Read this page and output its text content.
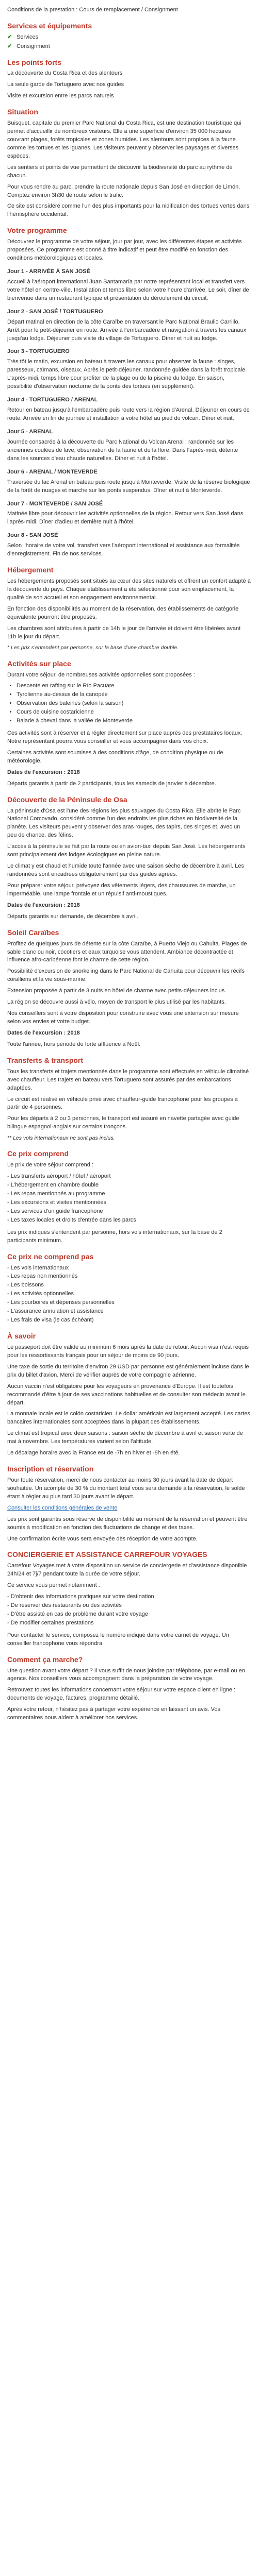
Conditions de la prestation : Cours de remplacement / Consignment

Services et équipements
✔ Services
✔ Consignment
Les points forts

La découverte du Costa Rica et des alentours

La seule garde de Tortuguero avec nos guides

Visite et excursion entre les parcs naturels

Situation

Buisquet, capitale du premier Parc National du Costa Rica, est une destination touristique qui permet d'accueillir de nombreux visiteurs. Elle a une superficie d'environ 35 000 hectares couvrant plages, forêts tropicales et zones humides. Les alentours sont propices à la faune comme les tortues et les iguanes. Les visiteurs peuvent y observer les paysages et diverses espèces.

Les sentiers et points de vue permettent de découvrir la biodiversité du parc au rythme de chacun.

Pour vous rendre au parc, prendre la route nationale depuis San José en direction de Limón. Comptez environ 3h30 de route selon le trafic.

Ce site est considéré comme l'un des plus importants pour la nidification des tortues vertes dans l'hémisphère occidental.

Votre programme

Découvrez le programme de votre séjour, jour par jour, avec les différentes étapes et activités proposées. Ce programme est donné à titre indicatif et peut être modifié en fonction des conditions météorologiques et locales.

Jour 1 - ARRIVÉE À SAN JOSÉ

Accueil à l'aéroport international Juan Santamaría par notre représentant local et transfert vers votre hôtel en centre-ville. Installation et temps libre selon votre heure d'arrivée. Le soir, dîner de bienvenue dans un restaurant typique et présentation du déroulement du circuit.

Jour 2 - SAN JOSÉ / TORTUGUERO

Départ matinal en direction de la côte Caraïbe en traversant le Parc National Braulio Carrillo. Arrêt pour le petit-déjeuner en route. Arrivée à l'embarcadère et navigation à travers les canaux jusqu'au lodge. Déjeuner puis visite du village de Tortuguero. Dîner et nuit au lodge.

Jour 3 - TORTUGUERO

Très tôt le matin, excursion en bateau à travers les canaux pour observer la faune : singes, paresseux, caïmans, oiseaux. Après le petit-déjeuner, randonnée guidée dans la forêt tropicale. L'après-midi, temps libre pour profiter de la plage ou de la piscine du lodge. En saison, possibilité d'observation nocturne de la ponte des tortues (en supplément).

Jour 4 - TORTUGUERO / ARENAL

Retour en bateau jusqu'à l'embarcadère puis route vers la région d'Arenal. Déjeuner en cours de route. Arrivée en fin de journée et installation à votre hôtel au pied du volcan. Dîner et nuit.

Jour 5 - ARENAL

Journée consacrée à la découverte du Parc National du Volcan Arenal : randonnée sur les anciennes coulées de lave, observation de la faune et de la flore. Dans l'après-midi, détente dans les sources d'eau chaude naturelles. Dîner et nuit à l'hôtel.

Jour 6 - ARENAL / MONTEVERDE

Traversée du lac Arenal en bateau puis route jusqu'à Monteverde. Visite de la réserve biologique de la forêt de nuages et marche sur les ponts suspendus. Dîner et nuit à Monteverde.

Jour 7 - MONTEVERDE / SAN JOSÉ

Matinée libre pour découvrir les activités optionnelles de la région. Retour vers San José dans l'après-midi. Dîner d'adieu et dernière nuit à l'hôtel.

Jour 8 - SAN JOSÉ

Selon l'horaire de votre vol, transfert vers l'aéroport international et assistance aux formalités d'enregistrement. Fin de nos services.

Hébergement

Les hébergements proposés sont situés au cœur des sites naturels et offrent un confort adapté à la découverte du pays. Chaque établissement a été sélectionné pour son emplacement, la qualité de son accueil et son engagement environnemental.

En fonction des disponibilités au moment de la réservation, des établissements de catégorie équivalente pourront être proposés.

Les chambres sont attribuées à partir de 14h le jour de l'arrivée et doivent être libérées avant 11h le jour du départ.

* Les prix s'entendent par personne, sur la base d'une chambre double.

Activités sur place

Durant votre séjour, de nombreuses activités optionnelles sont proposées :

• Descente en rafting sur le Río Pacuare
• Tyrolienne au-dessus de la canopée
• Observation des baleines (selon la saison)
• Cours de cuisine costaricienne
• Balade à cheval dans la vallée de Monteverde

Ces activités sont à réserver et à régler directement sur place auprès des prestataires locaux. Notre représentant pourra vous conseiller et vous accompagner dans vos choix.

Certaines activités sont soumises à des conditions d'âge, de condition physique ou de météorologie.

Dates de l'excursion : 2018

Départs garantis à partir de 2 participants, tous les samedis de janvier à décembre.

Découverte de la Péninsule de Osa

La péninsule d'Osa est l'une des régions les plus sauvages du Costa Rica. Elle abrite le Parc National Corcovado, considéré comme l'un des endroits les plus riches en biodiversité de la planète. Les visiteurs peuvent y observer des aras rouges, des tapirs, des singes et, avec un peu de chance, des félins.

L'accès à la péninsule se fait par la route ou en avion-taxi depuis San José. Les hébergements sont principalement des lodges écologiques en pleine nature.

Le climat y est chaud et humide toute l'année avec une saison sèche de décembre à avril. Les randonnées sont encadrées obligatoirement par des guides agréés.

Pour préparer votre séjour, prévoyez des vêtements légers, des chaussures de marche, un imperméable, une lampe frontale et un répulsif anti-moustiques.

Dates de l'excursion : 2018

Départs garantis sur demande, de décembre à avril.

Soleil Caraïbes

Profitez de quelques jours de détente sur la côte Caraïbe, à Puerto Viejo ou Cahuita. Plages de sable blanc ou noir, cocotiers et eaux turquoise vous attendent. Ambiance décontractée et influence afro-caribéenne font le charme de cette région.

Possibilité d'excursion de snorkeling dans le Parc National de Cahuita pour découvrir les récifs coralliens et la vie sous-marine.

Extension proposée à partir de 3 nuits en hôtel de charme avec petits-déjeuners inclus.

La région se découvre aussi à vélo, moyen de transport le plus utilisé par les habitants.

Nos conseillers sont à votre disposition pour construire avec vous une extension sur mesure selon vos envies et votre budget.

Dates de l'excursion : 2018

Toute l'année, hors période de forte affluence à Noël.

Transferts & transport

Tous les transferts et trajets mentionnés dans le programme sont effectués en véhicule climatisé avec chauffeur. Les trajets en bateau vers Tortuguero sont assurés par des embarcations adaptées.

Le circuit est réalisé en véhicule privé avec chauffeur-guide francophone pour les groupes à partir de 4 personnes.

Pour les départs à 2 ou 3 personnes, le transport est assuré en navette partagée avec guide bilingue espagnol-anglais sur certains tronçons.

** Les vols internationaux ne sont pas inclus.

Ce prix comprend

Le prix de votre séjour comprend :

- Les transferts aéroport / hôtel / aéroport
- L'hébergement en chambre double
- Les repas mentionnés au programme
- Les excursions et visites mentionnées
- Les services d'un guide francophone
- Les taxes locales et droits d'entrée dans les parcs

Les prix indiqués s'entendent par personne, hors vols internationaux, sur la base de 2 participants minimum.

Ce prix ne comprend pas
- Les vols internationaux
- Les repas non mentionnés
- Les boissons
- Les activités optionnelles
- Les pourboires et dépenses personnelles
- L'assurance annulation et assistance
- Les frais de visa (le cas échéant)
À savoir

Le passeport doit être valide au minimum 6 mois après la date de retour. Aucun visa n'est requis pour les ressortissants français pour un séjour de moins de 90 jours.

Une taxe de sortie du territoire d'environ 29 USD par personne est généralement incluse dans le prix du billet d'avion. Merci de vérifier auprès de votre compagnie aérienne.

Aucun vaccin n'est obligatoire pour les voyageurs en provenance d'Europe. Il est toutefois recommandé d'être à jour de ses vaccinations habituelles et de consulter son médecin avant le départ.

La monnaie locale est le colón costaricien. Le dollar américain est largement accepté. Les cartes bancaires internationales sont acceptées dans la plupart des établissements.

Le climat est tropical avec deux saisons : saison sèche de décembre à avril et saison verte de mai à novembre. Les températures varient selon l'altitude.

Le décalage horaire avec la France est de -7h en hiver et -8h en été.

Inscription et réservation

Pour toute réservation, merci de nous contacter au moins 30 jours avant la date de départ souhaitée. Un acompte de 30 % du montant total vous sera demandé à la réservation, le solde étant à régler au plus tard 30 jours avant le départ.

Consulter les conditions générales de vente

Les prix sont garantis sous réserve de disponibilité au moment de la réservation et peuvent être soumis à modification en fonction des fluctuations de change et des taxes.

Une confirmation écrite vous sera envoyée dès réception de votre acompte.

CONCIERGERIE ET ASSISTANCE CARREFOUR VOYAGES

Carrefour Voyages met à votre disposition un service de conciergerie et d'assistance disponible 24h/24 et 7j/7 pendant toute la durée de votre séjour.

Ce service vous permet notamment :

- D'obtenir des informations pratiques sur votre destination
- De réserver des restaurants ou des activités
- D'être assisté en cas de problème durant votre voyage
- De modifier certaines prestations

Pour contacter le service, composez le numéro indiqué dans votre carnet de voyage. Un conseiller francophone vous répondra.

Comment ça marche?

Une question avant votre départ ? Il vous suffit de nous joindre par téléphone, par e-mail ou en agence. Nos conseillers vous accompagnent dans la préparation de votre voyage.

Retrouvez toutes les informations concernant votre séjour sur votre espace client en ligne : documents de voyage, factures, programme détaillé.

Après votre retour, n'hésitez pas à partager votre expérience en laissant un avis. Vos commentaires nous aident à améliorer nos services.
